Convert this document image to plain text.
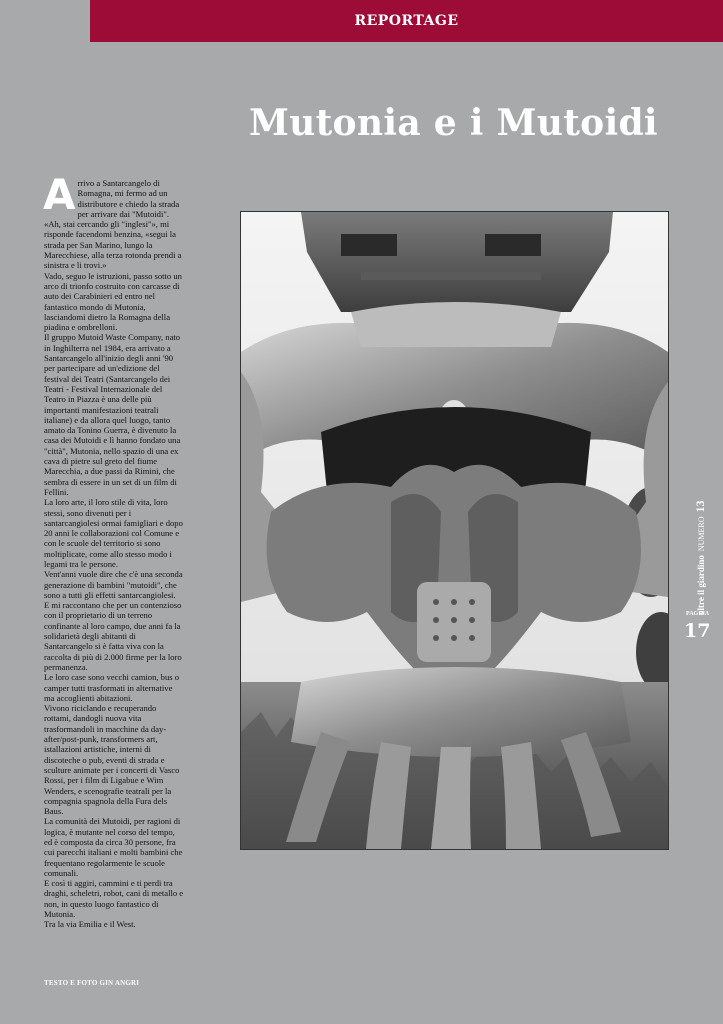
REPORTAGE
Mutonia e i Mutoidi
A rrivo a Santarcangelo di Romagna, mi fermo ad un distributore e chiedo la strada per arrivare dai "Mutoidi".

«Ah, stai cercando gli "inglesi"», mi risponde facendomi benzina, «segui la strada per San Marino, lungo la Marecchiese, alla terza rotonda prendi a sinistra e li trovi.»

Vado, seguo le istruzioni, passo sotto un arco di trionfo costruito con carcasse di auto dei Carabinieri ed entro nel fantastico mondo di Mutonia, lasciandomi dietro la Romagna della piadina e ombrelloni.

Il gruppo Mutoid Waste Company, nato in Inghilterra nel 1984, era arrivato a Santarcangelo all'inizio degli anni '90 per partecipare ad un'edizione del festival dei Teatri (Santarcangelo dei Teatri - Festival Internazionale del Teatro in Piazza è una delle più importanti manifestazioni teatrali italiane) e da allora quel luogo, tanto amato da Tonino Guerra, è divenuto la casa dei Mutoidi e lì hanno fondato una "città", Mutonia, nello spazio di una ex cava di pietre sul greto del fiume Marecchia, a due passi da Rimini, che sembra di essere in un set di un film di Fellini.

La loro arte, il loro stile di vita, loro stessi, sono divenuti per i santarcangiolesi ormai famigliari e dopo 20 anni le collaborazioni col Comune e con le scuole del territorio si sono moltiplicate, come allo stesso modo i legami tra le persone.

Vent'anni vuole dire che c'è una seconda generazione di bambini "mutoidi", che sono a tutti gli effetti santarcangiolesi.

E mi raccontano che per un contenzioso con il proprietario di un terreno confinante al loro campo, due anni fa la solidarietà degli abitanti di Santarcangelo si è fatta viva con la raccolta di più di 2.000 firme per la loro permanenza.

Le loro case sono vecchi camion, bus o camper tutti trasformati in alternative ma accoglienti abitazioni.

Vivono riciclando e recuperando rottami, dandogli nuova vita trasformandoli in macchine da day-after/post-punk, transformers art, istallazioni artistiche, interni di discoteche o pub, eventi di strada e sculture animate per i concerti di Vasco Rossi, per i film di Ligabue e Wim Wenders, e scenografie teatrali per la compagnia spagnola della Fura dels Baus.

La comunità dei Mutoidi, per ragioni di logica, è mutante nel corso del tempo, ed è composta da circa 30 persone, fra cui parecchi italiani e molti bambini che frequentano regolarmente le scuole comunali.

E così ti aggiri, cammini e ti perdi tra draghi, scheletri, robot, cani di metallo e non, in questo luogo fantastico di Mutonia.

Tra la via Emilia e il West.

TESTO E FOTO GIN ANGRI
oltre il giardino
NUMERO
13
PAGINA
17
